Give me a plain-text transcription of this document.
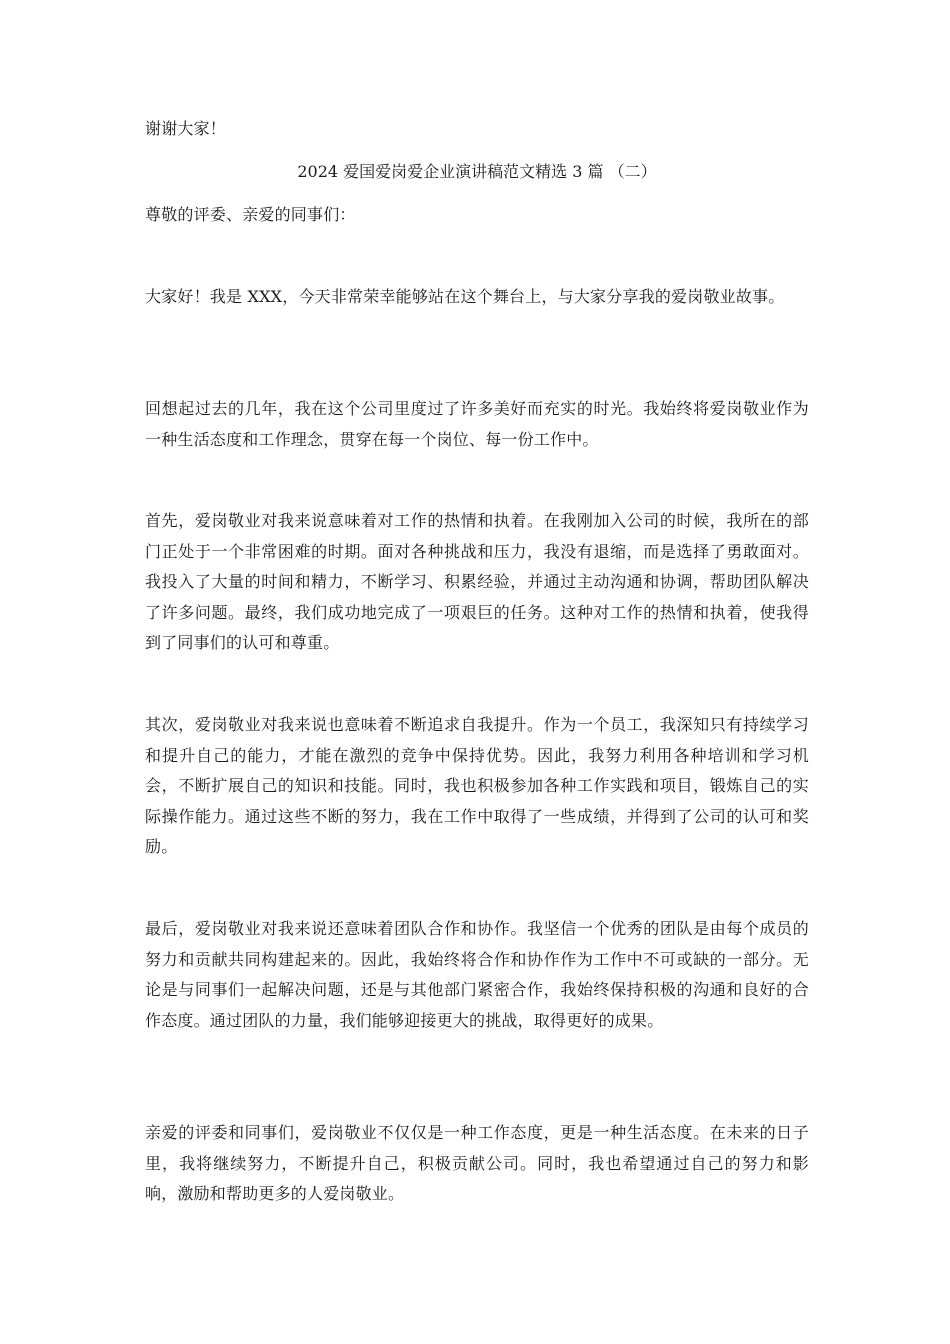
谢谢大家！

2024 爱国爱岗爱企业演讲稿范文精选 3 篇 （二）

尊敬的评委、亲爱的同事们：

大家好！我是 XXX，今天非常荣幸能够站在这个舞台上，与大家分享我的爱岗敬业故事。

回想起过去的几年，我在这个公司里度过了许多美好而充实的时光。我始终将爱岗敬业作为一种生活态度和工作理念，贯穿在每一个岗位、每一份工作中。

首先，爱岗敬业对我来说意味着对工作的热情和执着。在我刚加入公司的时候，我所在的部门正处于一个非常困难的时期。面对各种挑战和压力，我没有退缩，而是选择了勇敢面对。我投入了大量的时间和精力，不断学习、积累经验，并通过主动沟通和协调，帮助团队解决了许多问题。最终，我们成功地完成了一项艰巨的任务。这种对工作的热情和执着，使我得到了同事们的认可和尊重。

其次，爱岗敬业对我来说也意味着不断追求自我提升。作为一个员工，我深知只有持续学习和提升自己的能力，才能在激烈的竞争中保持优势。因此，我努力利用各种培训和学习机会，不断扩展自己的知识和技能。同时，我也积极参加各种工作实践和项目，锻炼自己的实际操作能力。通过这些不断的努力，我在工作中取得了一些成绩，并得到了公司的认可和奖励。

最后，爱岗敬业对我来说还意味着团队合作和协作。我坚信一个优秀的团队是由每个成员的努力和贡献共同构建起来的。因此，我始终将合作和协作作为工作中不可或缺的一部分。无论是与同事们一起解决问题，还是与其他部门紧密合作，我始终保持积极的沟通和良好的合作态度。通过团队的力量，我们能够迎接更大的挑战，取得更好的成果。

亲爱的评委和同事们，爱岗敬业不仅仅是一种工作态度，更是一种生活态度。在未来的日子里，我将继续努力，不断提升自己，积极贡献公司。同时，我也希望通过自己的努力和影响，激励和帮助更多的人爱岗敬业。
